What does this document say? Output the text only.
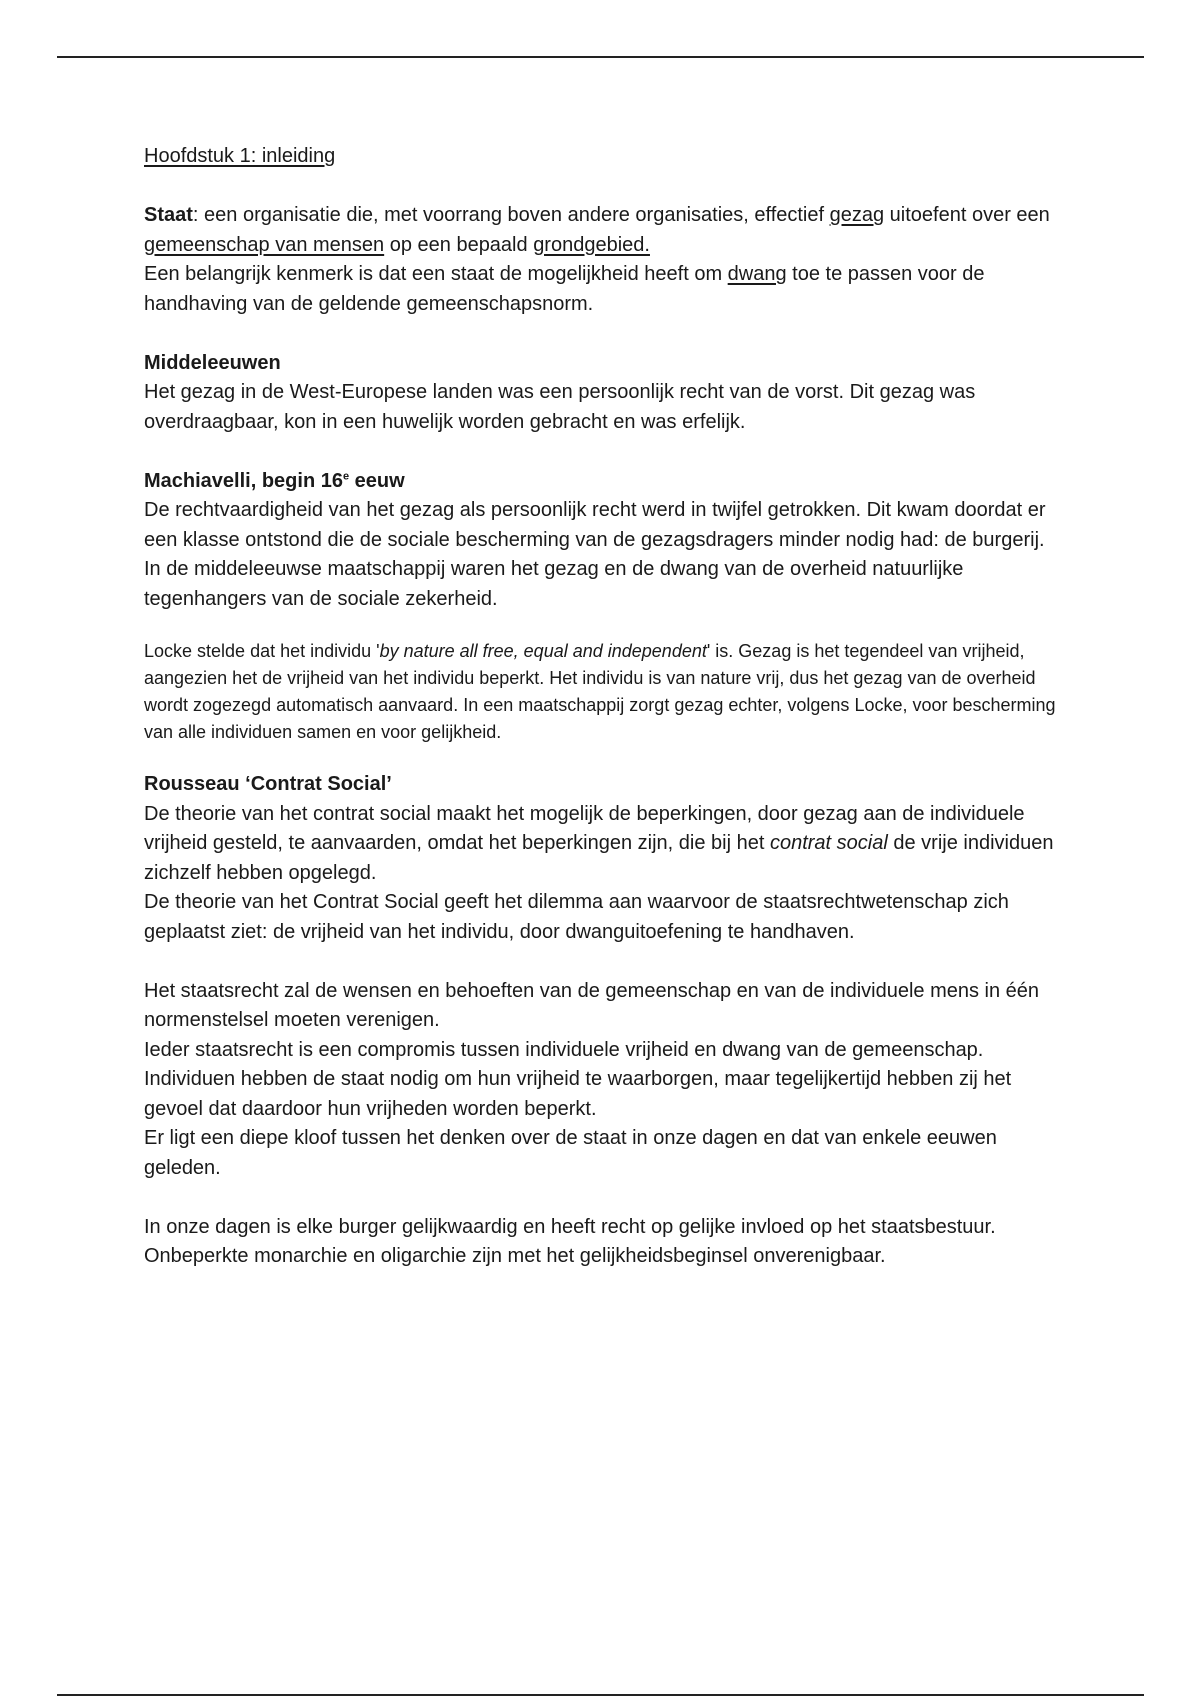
Hoofdstuk 1: inleiding

Staat: een organisatie die, met voorrang boven andere organisaties, effectief gezag uitoefent over een gemeenschap van mensen op een bepaald grondgebied.

Een belangrijk kenmerk is dat een staat de mogelijkheid heeft om dwang toe te passen voor de handhaving van de geldende gemeenschapsnorm.

Middeleeuwen

Het gezag in de West-Europese landen was een persoonlijk recht van de vorst. Dit gezag was overdraagbaar, kon in een huwelijk worden gebracht en was erfelijk.

Machiavelli, begin 16e eeuw

De rechtvaardigheid van het gezag als persoonlijk recht werd in twijfel getrokken. Dit kwam doordat er een klasse ontstond die de sociale bescherming van de gezagsdragers minder nodig had: de burgerij.

In de middeleeuwse maatschappij waren het gezag en de dwang van de overheid natuurlijke tegenhangers van de sociale zekerheid.

Locke stelde dat het individu 'by nature all free, equal and independent' is. Gezag is het tegendeel van vrijheid, aangezien het de vrijheid van het individu beperkt. Het individu is van nature vrij, dus het gezag van de overheid wordt zogezegd automatisch aanvaard. In een maatschappij zorgt gezag echter, volgens Locke, voor bescherming van alle individuen samen en voor gelijkheid.

Rousseau ‘Contrat Social’

De theorie van het contrat social maakt het mogelijk de beperkingen, door gezag aan de individuele vrijheid gesteld, te aanvaarden, omdat het beperkingen zijn, die bij het contrat social de vrije individuen zichzelf hebben opgelegd.

De theorie van het Contrat Social geeft het dilemma aan waarvoor de staatsrechtwetenschap zich geplaatst ziet: de vrijheid van het individu, door dwanguitoefening te handhaven.

Het staatsrecht zal de wensen en behoeften van de gemeenschap en van de individuele mens in één normenstelsel moeten verenigen.

Ieder staatsrecht is een compromis tussen individuele vrijheid en dwang van de gemeenschap. Individuen hebben de staat nodig om hun vrijheid te waarborgen, maar tegelijkertijd hebben zij het gevoel dat daardoor hun vrijheden worden beperkt.

Er ligt een diepe kloof tussen het denken over de staat in onze dagen en dat van enkele eeuwen geleden.

In onze dagen is elke burger gelijkwaardig en heeft recht op gelijke invloed op het staatsbestuur. Onbeperkte monarchie en oligarchie zijn met het gelijkheidsbeginsel onverenigbaar.
